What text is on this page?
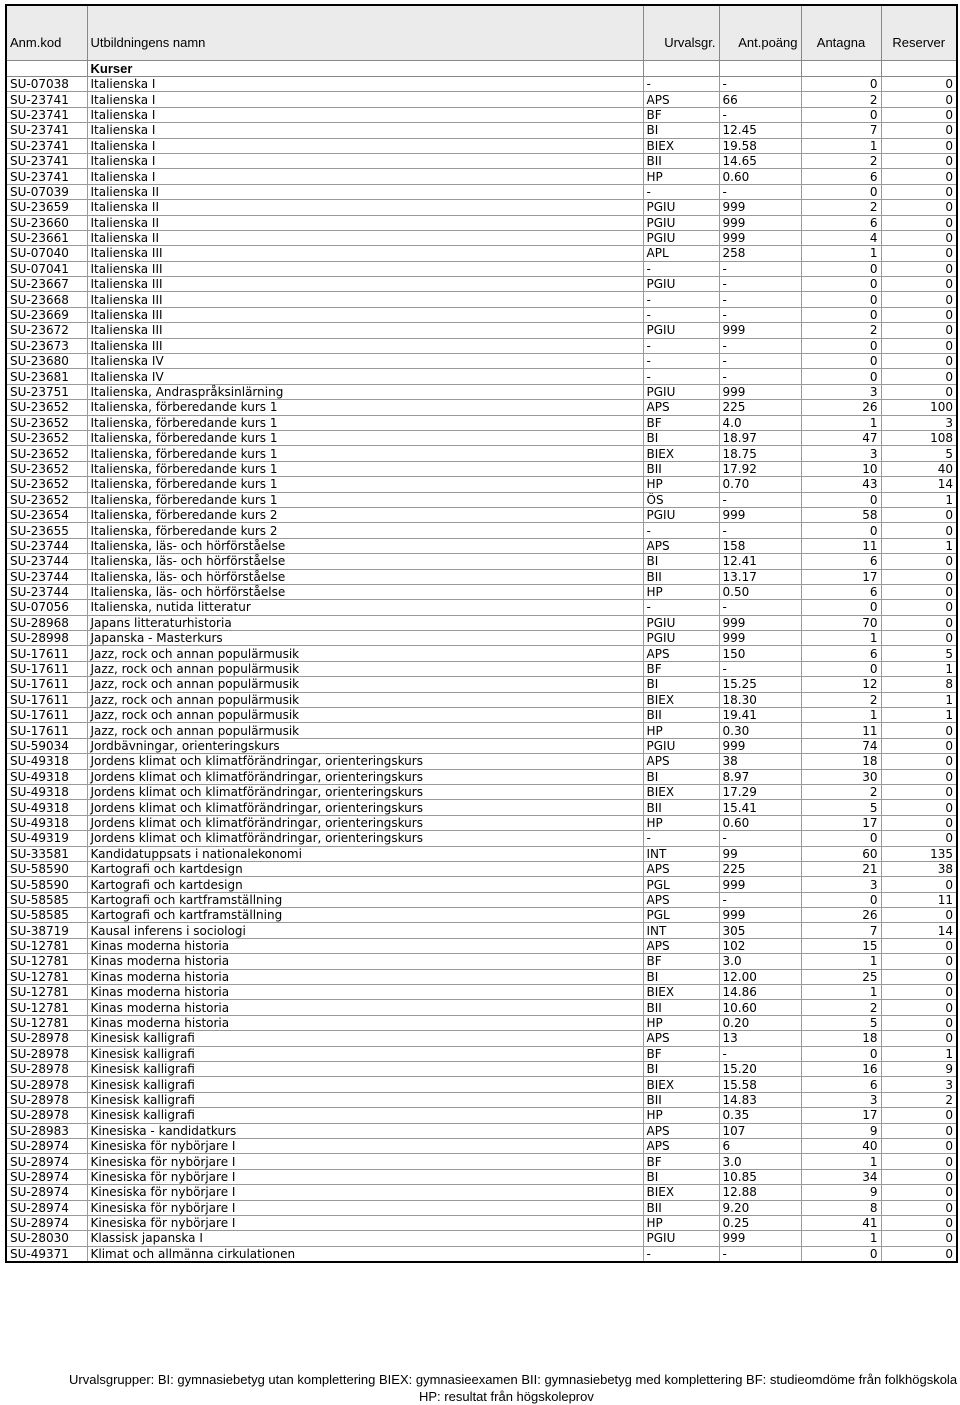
Anm.kod	Utbildningens namn	Urvalsgr.	Ant.poäng	Antagna	Reserver
	Kurser				
SU-07038	Italienska I	-	-	0	0
SU-23741	Italienska I	APS	66	2	0
SU-23741	Italienska I	BF	-	0	0
SU-23741	Italienska I	BI	12.45	7	0
SU-23741	Italienska I	BIEX	19.58	1	0
SU-23741	Italienska I	BII	14.65	2	0
SU-23741	Italienska I	HP	0.60	6	0
SU-07039	Italienska II	-	-	0	0
SU-23659	Italienska II	PGIU	999	2	0
SU-23660	Italienska II	PGIU	999	6	0
SU-23661	Italienska II	PGIU	999	4	0
SU-07040	Italienska III	APL	258	1	0
SU-07041	Italienska III	-	-	0	0
SU-23667	Italienska III	PGIU	-	0	0
SU-23668	Italienska III	-	-	0	0
SU-23669	Italienska III	-	-	0	0
SU-23672	Italienska III	PGIU	999	2	0
SU-23673	Italienska III	-	-	0	0
SU-23680	Italienska IV	-	-	0	0
SU-23681	Italienska IV	-	-	0	0
SU-23751	Italienska, Andraspråksinlärning	PGIU	999	3	0
SU-23652	Italienska, förberedande kurs 1	APS	225	26	100
SU-23652	Italienska, förberedande kurs 1	BF	4.0	1	3
SU-23652	Italienska, förberedande kurs 1	BI	18.97	47	108
SU-23652	Italienska, förberedande kurs 1	BIEX	18.75	3	5
SU-23652	Italienska, förberedande kurs 1	BII	17.92	10	40
SU-23652	Italienska, förberedande kurs 1	HP	0.70	43	14
SU-23652	Italienska, förberedande kurs 1	ÖS	-	0	1
SU-23654	Italienska, förberedande kurs 2	PGIU	999	58	0
SU-23655	Italienska, förberedande kurs 2	-	-	0	0
SU-23744	Italienska, läs- och hörförståelse	APS	158	11	1
SU-23744	Italienska, läs- och hörförståelse	BI	12.41	6	0
SU-23744	Italienska, läs- och hörförståelse	BII	13.17	17	0
SU-23744	Italienska, läs- och hörförståelse	HP	0.50	6	0
SU-07056	Italienska, nutida litteratur	-	-	0	0
SU-28968	Japans litteraturhistoria	PGIU	999	70	0
SU-28998	Japanska - Masterkurs	PGIU	999	1	0
SU-17611	Jazz, rock och annan populärmusik	APS	150	6	5
SU-17611	Jazz, rock och annan populärmusik	BF	-	0	1
SU-17611	Jazz, rock och annan populärmusik	BI	15.25	12	8
SU-17611	Jazz, rock och annan populärmusik	BIEX	18.30	2	1
SU-17611	Jazz, rock och annan populärmusik	BII	19.41	1	1
SU-17611	Jazz, rock och annan populärmusik	HP	0.30	11	0
SU-59034	Jordbävningar, orienteringskurs	PGIU	999	74	0
SU-49318	Jordens klimat och klimatförändringar, orienteringskurs	APS	38	18	0
SU-49318	Jordens klimat och klimatförändringar, orienteringskurs	BI	8.97	30	0
SU-49318	Jordens klimat och klimatförändringar, orienteringskurs	BIEX	17.29	2	0
SU-49318	Jordens klimat och klimatförändringar, orienteringskurs	BII	15.41	5	0
SU-49318	Jordens klimat och klimatförändringar, orienteringskurs	HP	0.60	17	0
SU-49319	Jordens klimat och klimatförändringar, orienteringskurs	-	-	0	0
SU-33581	Kandidatuppsats i nationalekonomi	INT	99	60	135
SU-58590	Kartografi och kartdesign	APS	225	21	38
SU-58590	Kartografi och kartdesign	PGL	999	3	0
SU-58585	Kartografi och kartframställning	APS	-	0	11
SU-58585	Kartografi och kartframställning	PGL	999	26	0
SU-38719	Kausal inferens i sociologi	INT	305	7	14
SU-12781	Kinas moderna historia	APS	102	15	0
SU-12781	Kinas moderna historia	BF	3.0	1	0
SU-12781	Kinas moderna historia	BI	12.00	25	0
SU-12781	Kinas moderna historia	BIEX	14.86	1	0
SU-12781	Kinas moderna historia	BII	10.60	2	0
SU-12781	Kinas moderna historia	HP	0.20	5	0
SU-28978	Kinesisk kalligrafi	APS	13	18	0
SU-28978	Kinesisk kalligrafi	BF	-	0	1
SU-28978	Kinesisk kalligrafi	BI	15.20	16	9
SU-28978	Kinesisk kalligrafi	BIEX	15.58	6	3
SU-28978	Kinesisk kalligrafi	BII	14.83	3	2
SU-28978	Kinesisk kalligrafi	HP	0.35	17	0
SU-28983	Kinesiska - kandidatkurs	APS	107	9	0
SU-28974	Kinesiska för nybörjare I	APS	6	40	0
SU-28974	Kinesiska för nybörjare I	BF	3.0	1	0
SU-28974	Kinesiska för nybörjare I	BI	10.85	34	0
SU-28974	Kinesiska för nybörjare I	BIEX	12.88	9	0
SU-28974	Kinesiska för nybörjare I	BII	9.20	8	0
SU-28974	Kinesiska för nybörjare I	HP	0.25	41	0
SU-28030	Klassisk japanska I	PGIU	999	1	0
SU-49371	Klimat och allmänna cirkulationen	-	-	0	0
Urvalsgrupper: BI: gymnasiebetyg utan komplettering BIEX: gymnasieexamen BII: gymnasiebetyg med komplettering BF: studieomdöme från folkhögskola
HP: resultat från högskoleprov
